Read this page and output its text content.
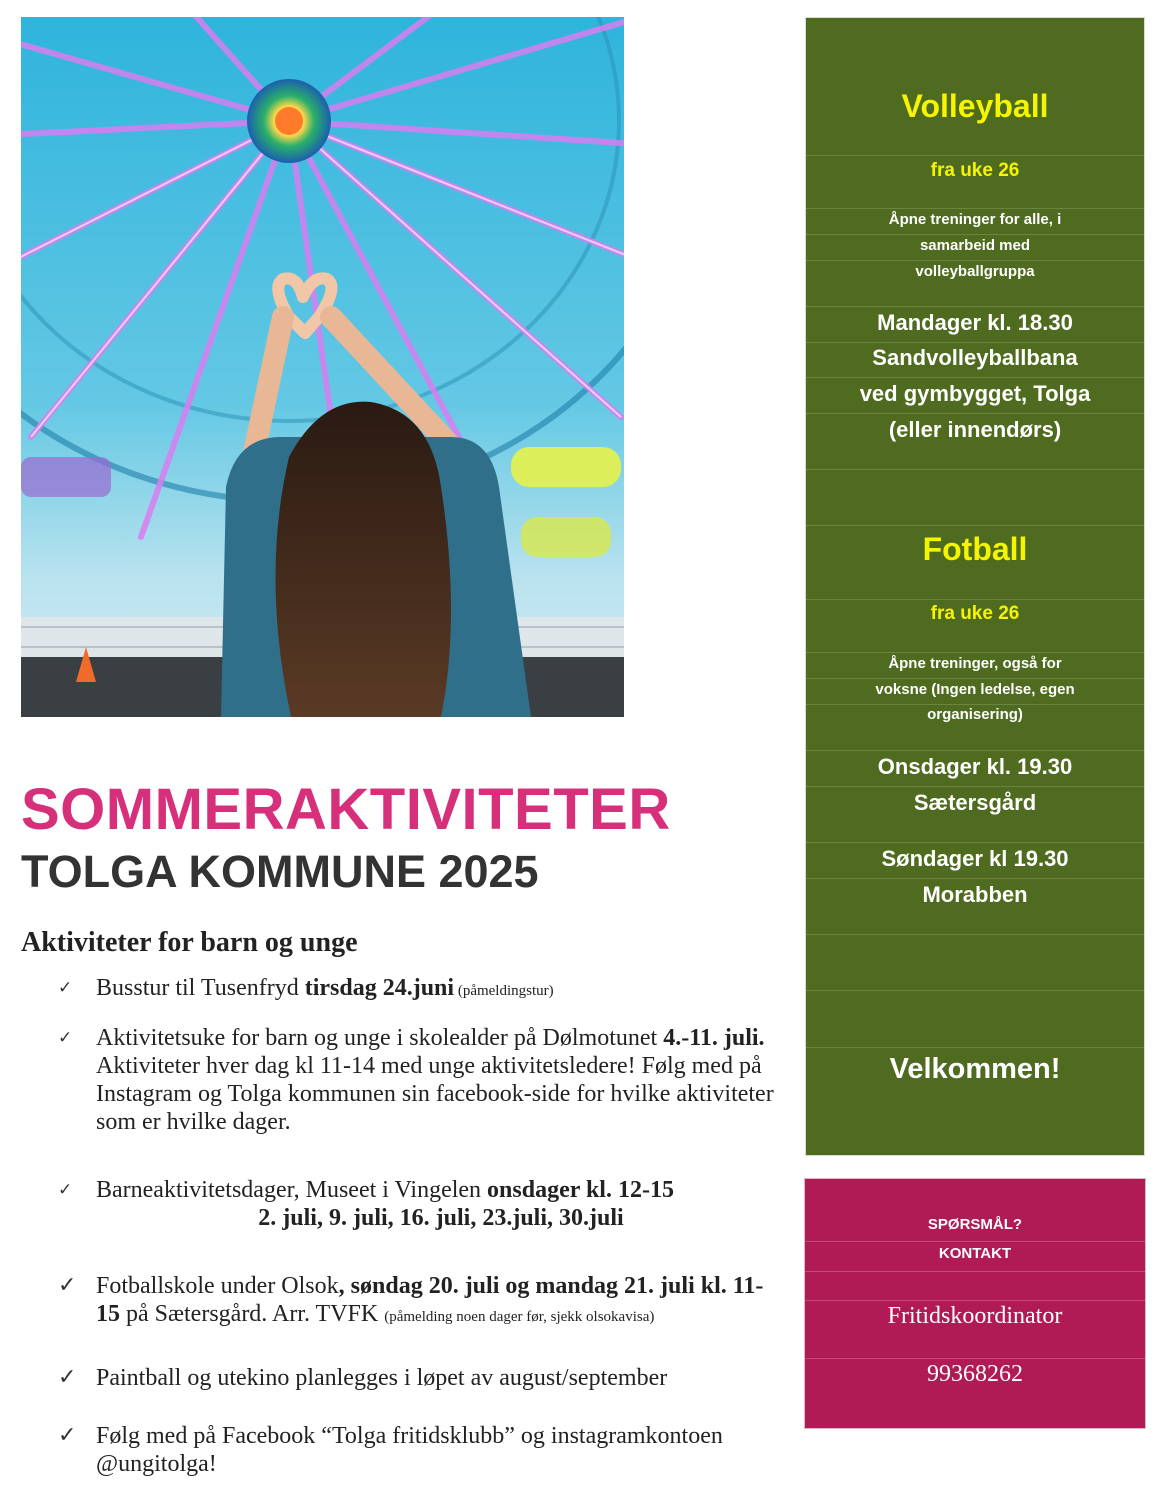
SOMMERAKTIVITETER
TOLGA KOMMUNE 2025
Aktiviteter for barn og unge
✓ Busstur til Tusenfryd tirsdag 24.juni (påmeldingstur)
✓ Aktivitetsuke for barn og unge i skolealder på Dølmotunet 4.-11. juli. Aktiviteter hver dag kl 11-14 med unge aktivitetsledere! Følg med på Instagram og Tolga kommunen sin facebook-side for hvilke aktiviteter som er hvilke dager.
✓ Barneaktivitetsdager, Museet i Vingelen onsdager kl. 12-15
2. juli, 9. juli, 16. juli, 23.juli, 30.juli
✓ Fotballskole under Olsok, søndag 20. juli og mandag 21. juli kl. 11-15 på Sætersgård. Arr. TVFK (påmelding noen dager før, sjekk olsokavisa)
✓ Paintball og utekino planlegges i løpet av august/september
✓ Følg med på Facebook “Tolga fritidsklubb” og instagramkontoen @ungitolga!
Volleyball
fra uke 26
Åpne treninger for alle, i
samarbeid med
volleyballgruppa
Mandager kl. 18.30
Sandvolleyballbana
ved gymbygget, Tolga
(eller innendørs)
Fotball
fra uke 26
Åpne treninger, også for
voksne (Ingen ledelse, egen
organisering)
Onsdager kl. 19.30
Sætersgård
Søndager kl 19.30
Morabben
Velkommen!
SPØRSMÅL?
KONTAKT
Fritidskoordinator
99368262
